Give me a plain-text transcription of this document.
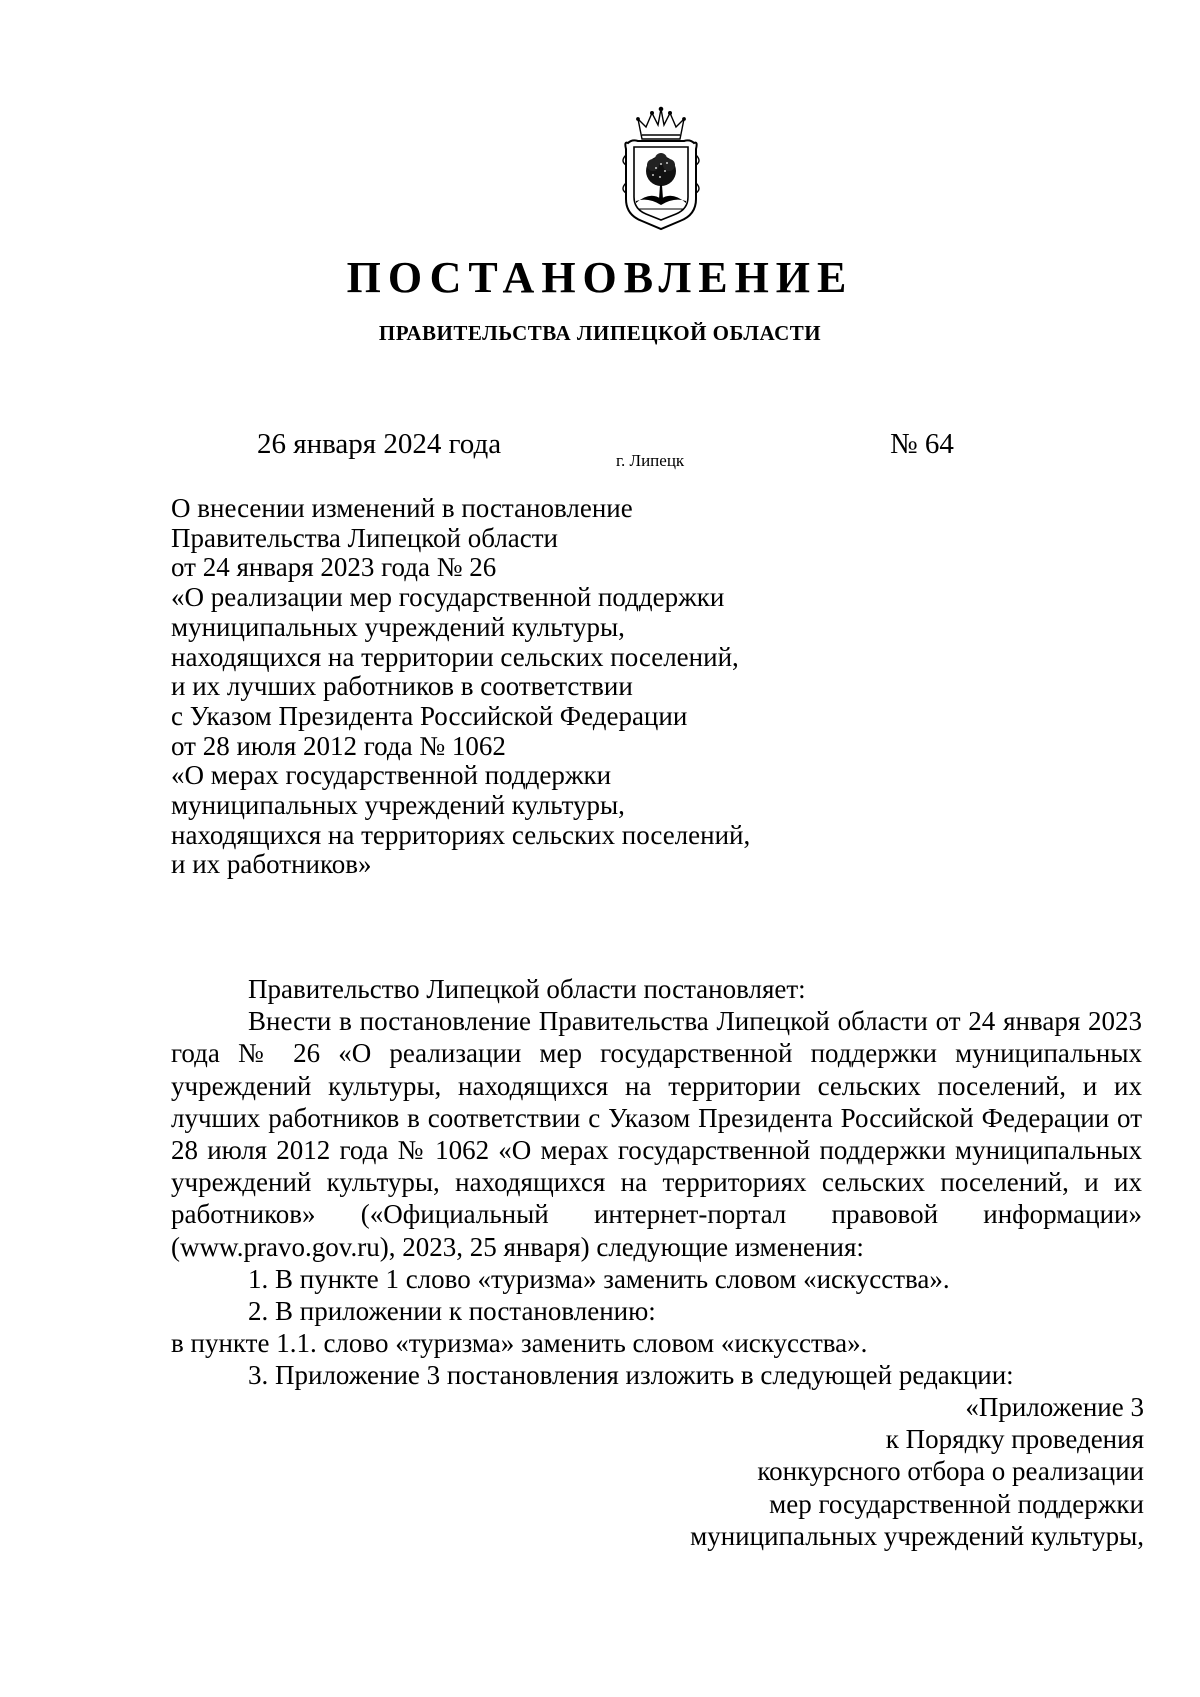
ПОСТАНОВЛЕНИЕ
ПРАВИТЕЛЬСТВА ЛИПЕЦКОЙ ОБЛАСТИ
26 января 2024 года
г. Липецк
№ 64
О внесении изменений в постановление
Правительства Липецкой области
от 24 января 2023 года № 26
«О реализации мер государственной поддержки
муниципальных учреждений культуры,
находящихся на территории сельских поселений,
и их лучших работников в соответствии
с Указом Президента Российской Федерации
от 28 июля 2012 года № 1062
«О мерах государственной поддержки
муниципальных учреждений культуры,
находящихся на территориях сельских поселений,
и их работников»

Правительство Липецкой области постановляет:

Внести в постановление Правительства Липецкой области от 24 января 2023 года № 26 «О реализации мер государственной поддержки муниципальных учреждений культуры, находящихся на территории сельских поселений, и их лучших работников в соответствии с Указом Президента Российской Федерации от 28 июля 2012 года № 1062 «О мерах государственной поддержки муниципальных учреждений культуры, находящихся на территориях сельских поселений, и их работников» («Официальный интернет-портал правовой информации» (www.pravo.gov.ru), 2023, 25 января) следующие изменения:

1. В пункте 1 слово «туризма» заменить словом «искусства».

2. В приложении к постановлению:

в пункте 1.1. слово «туризма» заменить словом «искусства».

3. Приложение 3 постановления изложить в следующей редакции:

«Приложение 3
к Порядку проведения
конкурсного отбора о реализации
мер государственной поддержки
муниципальных учреждений культуры,
